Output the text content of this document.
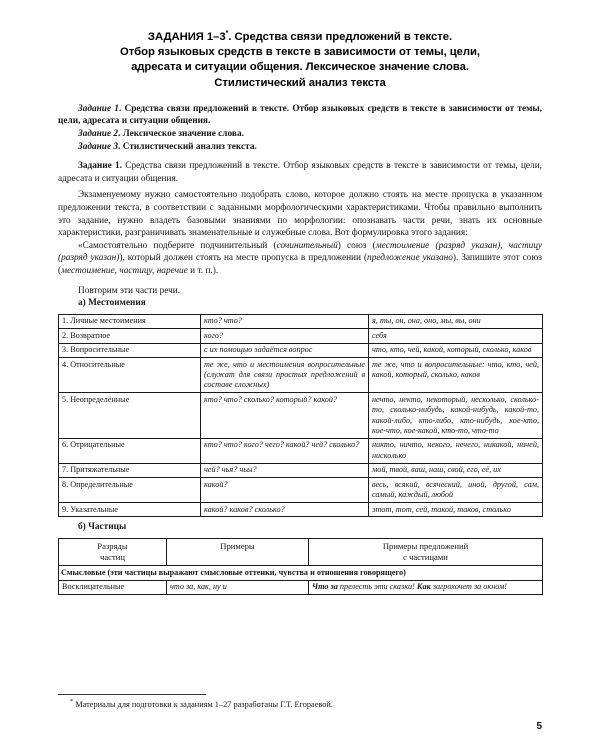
ЗАДАНИЯ 1–3*. Средства связи предложений в тексте.
Отбор языковых средств в тексте в зависимости от темы, цели,
адресата и ситуации общения. Лексическое значение слова.
Стилистический анализ текста

Задание 1. Средства связи предложений в тексте. Отбор языковых средств в тексте в зависимости от темы, цели, адресата и ситуации общения.

Задание 2. Лексическое значение слова.

Задание 3. Стилистический анализ текста.

Задание 1. Средства связи предложений в тексте. Отбор языковых средств в тексте в зависимости от темы, цели, адресата и ситуации общения.

Экзаменуемому нужно самостоятельно подобрать слово, которое должно стоять на месте пропуска в указанном предложении текста, в соответствии с заданными морфологическими характеристиками. Чтобы правильно выполнить это задание, нужно владеть базовыми знаниями по морфологии: опознавать части речи, знать их основные характеристики, разграничивать знаменательные и служебные слова. Вот формулировка этого задания:

«Самостоятельно подберите подчинительный (сочинительный) союз (местоимение (разряд указан), частицу (разряд указан)), который должен стоять на месте пропуска в предложении (предложение указано). Запишите этот союз (местоимение, частицу, наречие и т. п.).

Повторим эти части речи.

а) Местоимения

1. Личные местоимения	кто? что?	я, ты, он, она, оно, мы, вы, они
2. Возвратное	кого?	себя
3. Вопросительные	с их помощью задаётся вопрос	что, кто, чей, какой, который, сколько, каков
4. Относительные	те же, что и местоимения вопросительные (служат для связи простых предложений в составе сложных)	те же, что и вопросительные: что, кто, чей, какой, который, сколько, каков
5. Неопределённые	кто? что? сколько? который? какой?	нечто, некто, некоторый, несколько, сколько-то, сколько-нибудь, какой-нибудь, какой-то, какой-либо, кто-либо, кто-нибудь, кое-кто, кое-что, кое-какой, кто-то, что-то
6. Отрицательные	кто? что? кого? чего? какой? чей? сколько?	никто, ничто, некого, нечего, никакой, ничей, нисколько
7. Притяжательные	чей? чья? чьы?	мой, твой, ваш, наш, свой, его, её, их
8. Определительные	какой?	весь, всякий, всяческий, иной, другой, сам, самый, каждый, любой
9. Указательные	какой? каков? сколько?	этот, тот, сей, такой, таков, столько

б) Частицы

Разряды
частиц	Примеры	Примеры предложений
с частицами
Смысловые (эти частицы выражают смысловые оттенки, чувства и отношения говорящего)		
Восклицательные	что за, как, ну и	Что за прелесть эти сказки! Как загрохочет за окном!
* Материалы для подготовки к заданиям 1–27 разработаны Г.Т. Егораевой.
5
